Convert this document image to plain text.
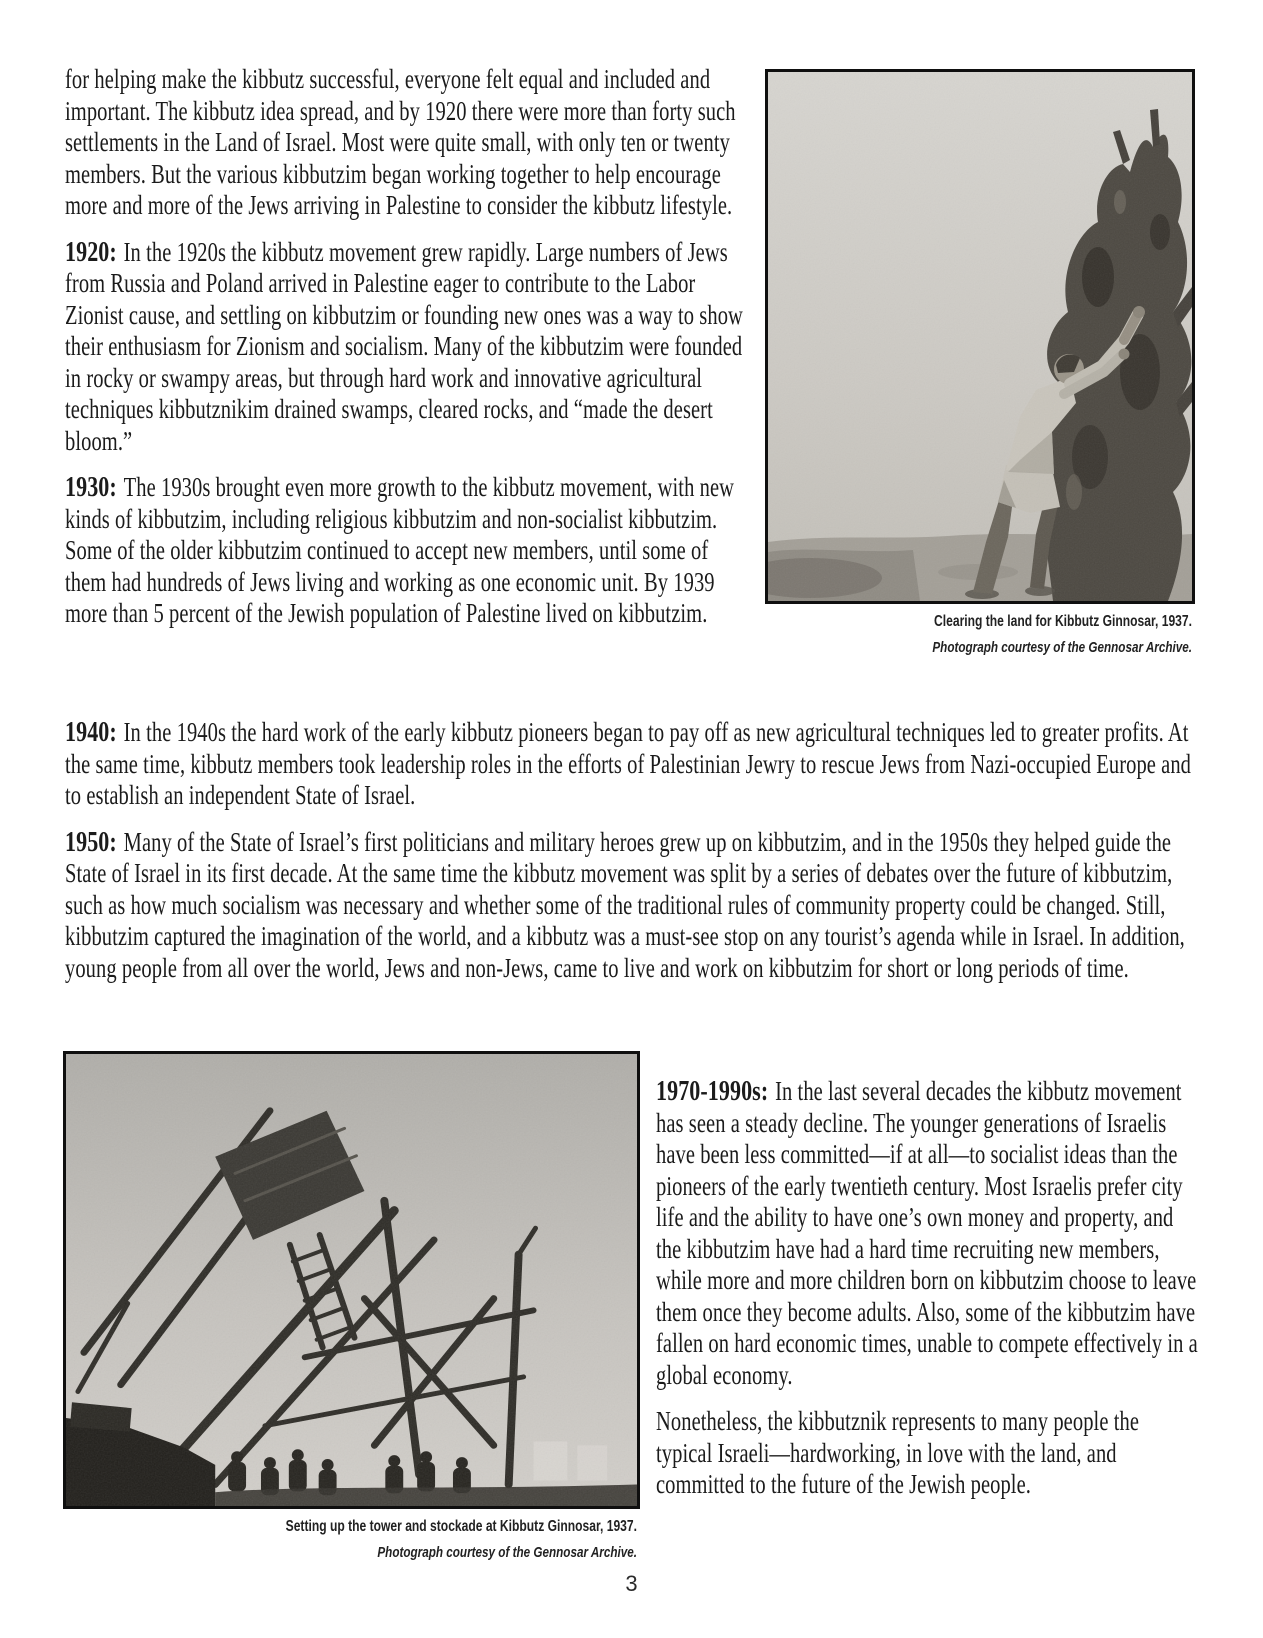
for helping make the kibbutz successful, everyone felt equal and included and important. The kibbutz idea spread, and by 1920 there were more than forty such settlements in the Land of Israel. Most were quite small, with only ten or twenty members. But the various kibbutzim began working together to help encourage more and more of the Jews arriving in Palestine to consider the kibbutz lifestyle.

1920: In the 1920s the kibbutz movement grew rapidly. Large numbers of Jews from Russia and Poland arrived in Palestine eager to contribute to the Labor Zionist cause, and settling on kibbutzim or founding new ones was a way to show their enthusiasm for Zionism and socialism. Many of the kibbutzim were founded in rocky or swampy areas, but through hard work and innovative agricultural techniques kibbutznikim drained swamps, cleared rocks, and “made the desert bloom.”

1930: The 1930s brought even more growth to the kibbutz movement, with new kinds of kibbutzim, including religious kibbutzim and non-socialist kibbutzim. Some of the older kibbutzim continued to accept new members, until some of them had hundreds of Jews living and working as one economic unit. By 1939 more than 5 percent of the Jewish population of Palestine lived on kibbutzim.	Clearing the land for Kibbutz Ginnosar, 1937.
Photograph courtesy of the Gennosar Archive.

1940: In the 1940s the hard work of the early kibbutz pioneers began to pay off as new agricultural techniques led to greater profits. At the same time, kibbutz members took leadership roles in the efforts of Palestinian Jewry to rescue Jews from Nazi-occupied Europe and to establish an independent State of Israel.

1950: Many of the State of Israel’s first politicians and military heroes grew up on kibbutzim, and in the 1950s they helped guide the State of Israel in its first decade. At the same time the kibbutz movement was split by a series of debates over the future of kibbutzim, such as how much socialism was necessary and whether some of the traditional rules of community property could be changed. Still, kibbutzim captured the imagination of the world, and a kibbutz was a must-see stop on any tourist’s agenda while in Israel. In addition, young people from all over the world, Jews and non-Jews, came to live and work on kibbutzim for short or long periods of time.

Setting up the tower and stockade at Kibbutz Ginnosar, 1937.
Photograph courtesy of the Gennosar Archive.

1970-1990s: In the last several decades the kibbutz movement has seen a steady decline. The younger generations of Israelis have been less committed—if at all—to socialist ideas than the pioneers of the early twentieth century. Most Israelis prefer city life and the ability to have one’s own money and property, and the kibbutzim have had a hard time recruiting new members, while more and more children born on kibbutzim choose to leave them once they become adults. Also, some of the kibbutzim have fallen on hard economic times, unable to compete effectively in a global economy.

Nonetheless, the kibbutznik represents to many people the typical Israeli—hardworking, in love with the land, and committed to the future of the Jewish people.

3
